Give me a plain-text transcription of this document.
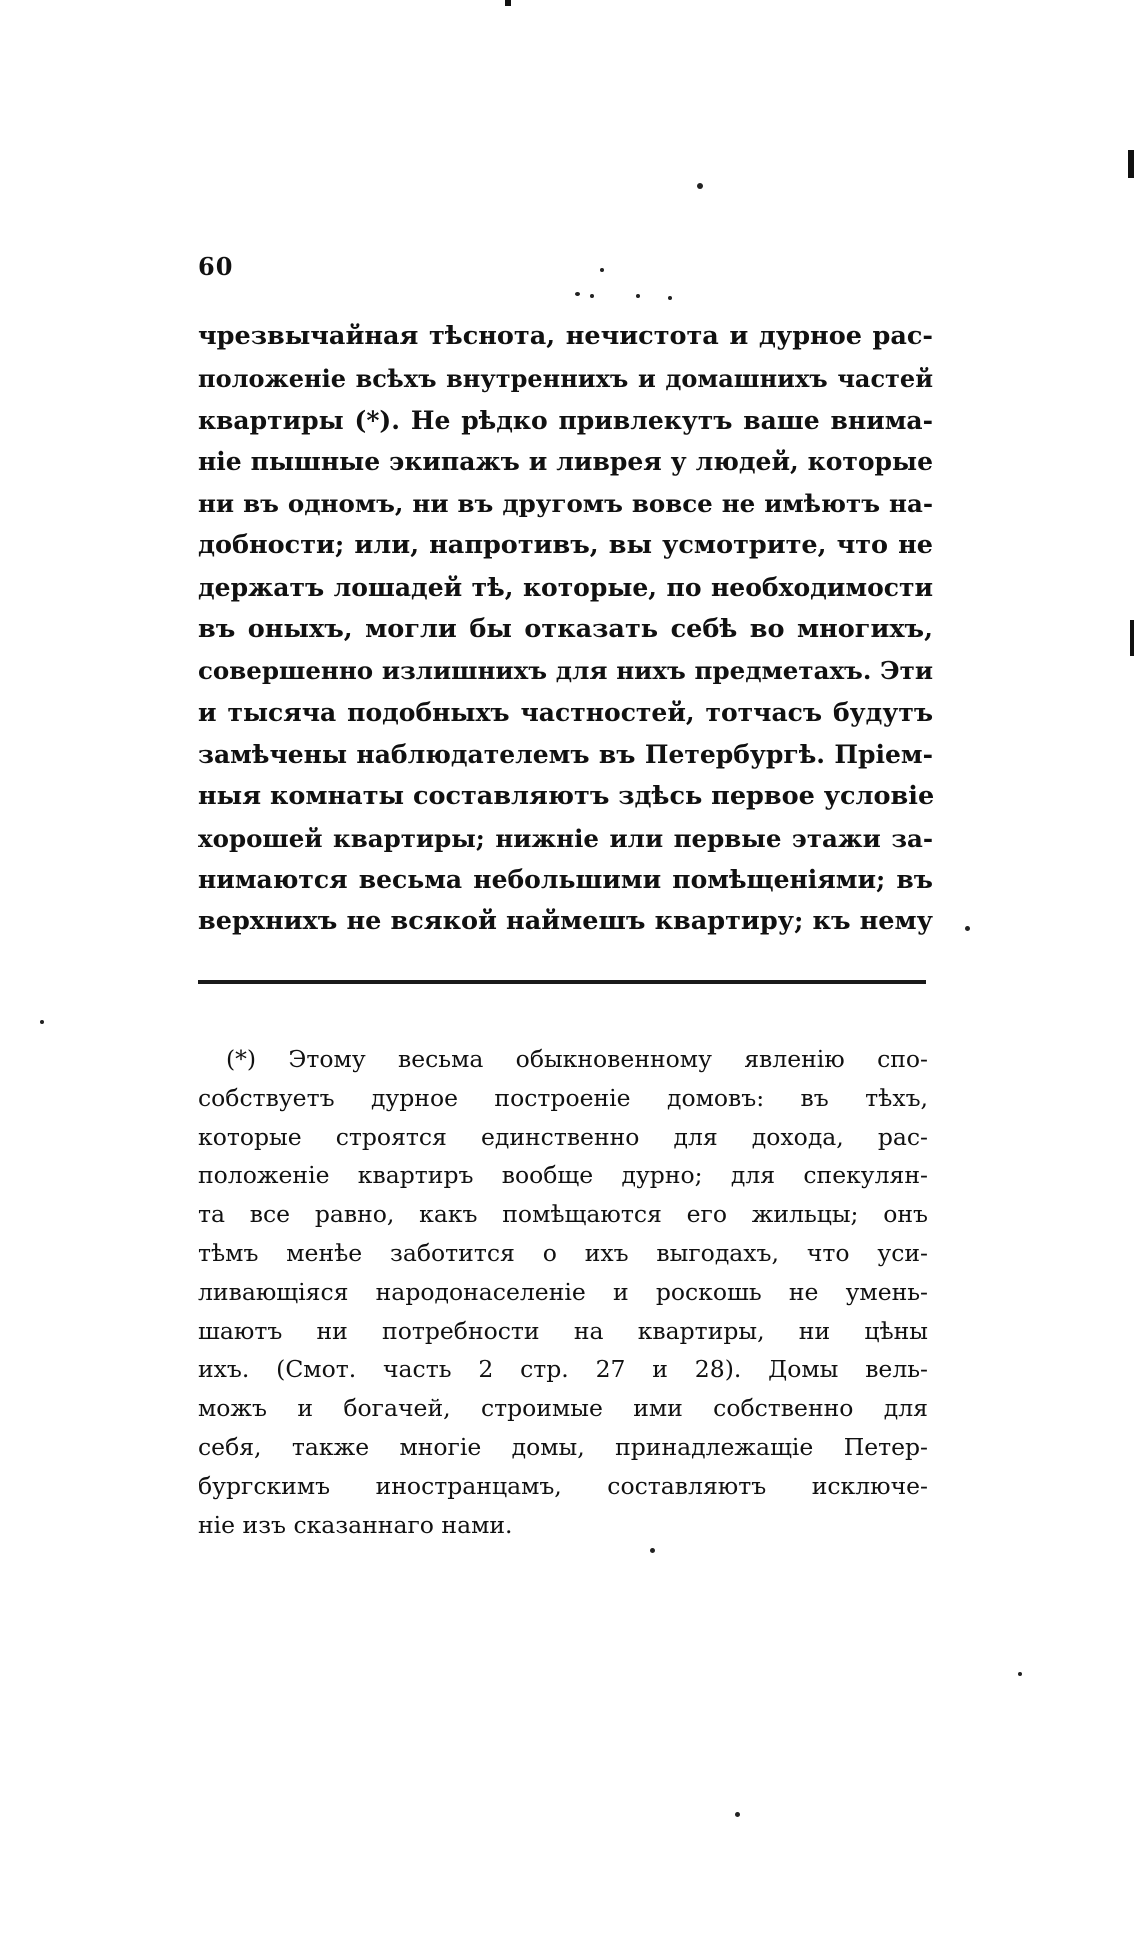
60
чрезвычайная тѣснота, нечистота и дурное рас-
положеніе всѣхъ внутреннихъ и домашнихъ частей
квартиры (*). Не рѣдко привлекутъ ваше внима-
ніе пышные экипажъ и ливрея у людей, которые
ни въ одномъ, ни въ другомъ вовсе не имѣютъ на-
добности; или, напротивъ, вы усмотрите, что не
держатъ лошадей тѣ, которые, по необходимости
въ оныхъ, могли бы отказать себѣ во многихъ,
совершенно излишнихъ для нихъ предметахъ. Эти
и тысяча подобныхъ частностей, тотчасъ будутъ
замѣчены наблюдателемъ въ Петербургѣ. Пріем-
ныя комнаты составляютъ здѣсь первое условіе
хорошей квартиры; нижніе или первые этажи за-
нимаются весьма небольшими помѣщеніями; въ
верхнихъ не всякой наймешъ квартиру; къ нему
(*) Этому весьма обыкновенному явленію спо-
собствуетъ дурное построеніе домовъ: въ тѣхъ,
которые строятся единственно для дохода, рас-
положеніе квартиръ вообще дурно; для спекулян-
та все равно, какъ помѣщаются его жильцы; онъ
тѣмъ менѣе заботится о ихъ выгодахъ, что уси-
ливающіяся народонаселеніе и роскошь не умень-
шаютъ ни потребности на квартиры, ни цѣны
ихъ. (Смот. часть 2 стр. 27 и 28). Домы вель-
можъ и богачей, строимые ими собственно для
себя, также многіе домы, принадлежащіе Петер-
бургскимъ иностранцамъ, составляютъ исключе-
ніе изъ сказаннаго нами.
